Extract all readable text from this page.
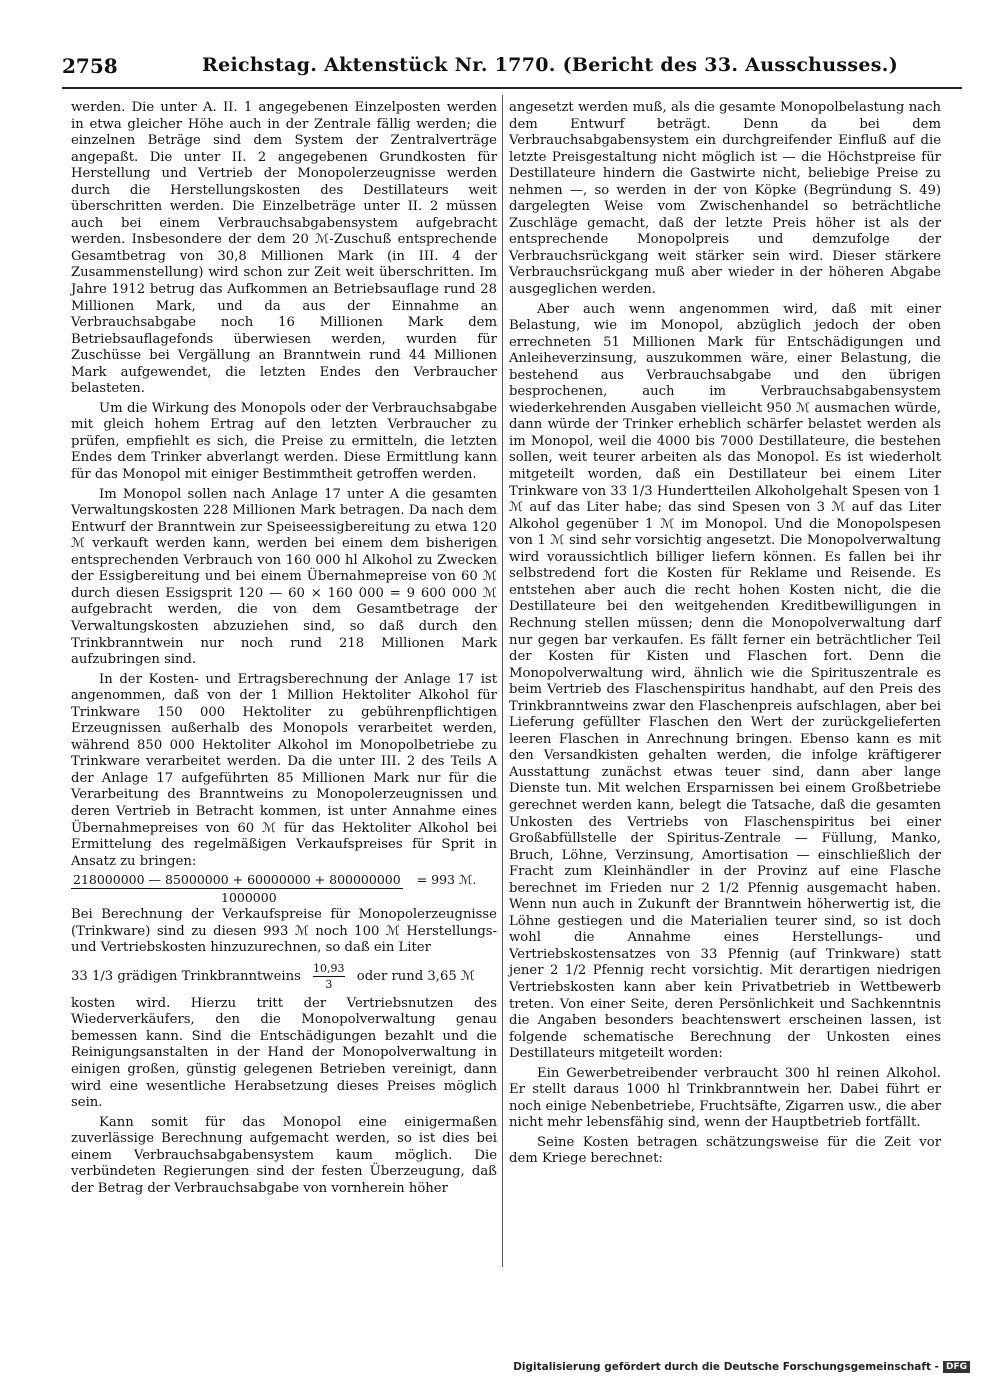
2758	Reichstag. Aktenstück Nr. 1770. (Bericht des 33. Ausschusses.)

werden. Die unter A. II. 1 angegebenen Einzelposten werden in etwa gleicher Höhe auch in der Zentrale fällig werden; die einzelnen Beträge sind dem System der Zentralverträge angepaßt. Die unter II. 2 angegebenen Grundkosten für Herstellung und Vertrieb der Monopolerzeugnisse werden durch die Herstellungskosten des Destillateurs weit überschritten werden. Die Einzelbeträge unter II. 2 müssen auch bei einem Verbrauchsabgabensystem aufgebracht werden. Insbesondere der dem 20 ℳ-Zuschuß entsprechende Gesamtbetrag von 30,8 Millionen Mark (in III. 4 der Zusammenstellung) wird schon zur Zeit weit überschritten. Im Jahre 1912 betrug das Aufkommen an Betriebsauflage rund 28 Millionen Mark, und da aus der Einnahme an Verbrauchsabgabe noch 16 Millionen Mark dem Betriebsauflagefonds überwiesen werden, wurden für Zuschüsse bei Vergällung an Branntwein rund 44 Millionen Mark aufgewendet, die letzten Endes den Verbraucher belasteten.

Um die Wirkung des Monopols oder der Verbrauchsabgabe mit gleich hohem Ertrag auf den letzten Verbraucher zu prüfen, empfiehlt es sich, die Preise zu ermitteln, die letzten Endes dem Trinker abverlangt werden. Diese Ermittlung kann für das Monopol mit einiger Bestimmtheit getroffen werden.

Im Monopol sollen nach Anlage 17 unter A die gesamten Verwaltungskosten 228 Millionen Mark betragen. Da nach dem Entwurf der Branntwein zur Speiseessigbereitung zu etwa 120 ℳ verkauft werden kann, werden bei einem dem bisherigen entsprechenden Verbrauch von 160 000 hl Alkohol zu Zwecken der Essigbereitung und bei einem Übernahmepreise von 60 ℳ durch diesen Essigsprit 120 — 60 × 160 000 = 9 600 000 ℳ aufgebracht werden, die von dem Gesamtbetrage der Verwaltungskosten abzuziehen sind, so daß durch den Trinkbranntwein nur noch rund 218 Millionen Mark aufzubringen sind.

In der Kosten- und Ertragsberechnung der Anlage 17 ist angenommen, daß von der 1 Million Hektoliter Alkohol für Trinkware 150 000 Hektoliter zu gebührenpflichtigen Erzeugnissen außerhalb des Monopols verarbeitet werden, während 850 000 Hektoliter Alkohol im Monopolbetriebe zu Trinkware verarbeitet werden. Da die unter III. 2 des Teils A der Anlage 17 aufgeführten 85 Millionen Mark nur für die Verarbeitung des Branntweins zu Monopolerzeugnissen und deren Vertrieb in Betracht kommen, ist unter Annahme eines Übernahmepreises von 60 ℳ für das Hektoliter Alkohol bei Ermittelung des regelmäßigen Verkaufspreises für Sprit in Ansatz zu bringen:

218000000 — 85000000 + 60000000 + 800000000 = 993 ℳ.
1000000

Bei Berechnung der Verkaufspreise für Monopolerzeugnisse (Trinkware) sind zu diesen 993 ℳ noch 100 ℳ Herstellungs- und Vertriebskosten hinzuzurechnen, so daß ein Liter

33 1/3 grädigen Trinkbranntweins $\frac{10,93}{3}$ oder rund 3,65 ℳ

kosten wird. Hierzu tritt der Vertriebsnutzen des Wiederverkäufers, den die Monopolverwaltung genau bemessen kann. Sind die Entschädigungen bezahlt und die Reinigungsanstalten in der Hand der Monopolverwaltung in einigen großen, günstig gelegenen Betrieben vereinigt, dann wird eine wesentliche Herabsetzung dieses Preises möglich sein.

Kann somit für das Monopol eine einigermaßen zuverlässige Berechnung aufgemacht werden, so ist dies bei einem Verbrauchsabgabensystem kaum möglich. Die verbündeten Regierungen sind der festen Überzeugung, daß der Betrag der Verbrauchsabgabe von vornherein höher

angesetzt werden muß, als die gesamte Monopolbelastung nach dem Entwurf beträgt. Denn da bei dem Verbrauchsabgabensystem ein durchgreifender Einfluß auf die letzte Preisgestaltung nicht möglich ist — die Höchstpreise für Destillateure hindern die Gastwirte nicht, beliebige Preise zu nehmen —, so werden in der von Köpke (Begründung S. 49) dargelegten Weise vom Zwischenhandel so beträchtliche Zuschläge gemacht, daß der letzte Preis höher ist als der entsprechende Monopolpreis und demzufolge der Verbrauchsrückgang weit stärker sein wird. Dieser stärkere Verbrauchsrückgang muß aber wieder in der höheren Abgabe ausgeglichen werden.

Aber auch wenn angenommen wird, daß mit einer Belastung, wie im Monopol, abzüglich jedoch der oben errechneten 51 Millionen Mark für Entschädigungen und Anleiheverzinsung, auszukommen wäre, einer Belastung, die bestehend aus Verbrauchsabgabe und den übrigen besprochenen, auch im Verbrauchsabgabensystem wiederkehrenden Ausgaben vielleicht 950 ℳ ausmachen würde, dann würde der Trinker erheblich schärfer belastet werden als im Monopol, weil die 4000 bis 7000 Destillateure, die bestehen sollen, weit teurer arbeiten als das Monopol. Es ist wiederholt mitgeteilt worden, daß ein Destillateur bei einem Liter Trinkware von 33 1/3 Hundertteilen Alkoholgehalt Spesen von 1 ℳ auf das Liter habe; das sind Spesen von 3 ℳ auf das Liter Alkohol gegenüber 1 ℳ im Monopol. Und die Monopolspesen von 1 ℳ sind sehr vorsichtig angesetzt. Die Monopolverwaltung wird voraussichtlich billiger liefern können. Es fallen bei ihr selbstredend fort die Kosten für Reklame und Reisende. Es entstehen aber auch die recht hohen Kosten nicht, die die Destillateure bei den weitgehenden Kreditbewilligungen in Rechnung stellen müssen; denn die Monopolverwaltung darf nur gegen bar verkaufen. Es fällt ferner ein beträchtlicher Teil der Kosten für Kisten und Flaschen fort. Denn die Monopolverwaltung wird, ähnlich wie die Spirituszentrale es beim Vertrieb des Flaschenspiritus handhabt, auf den Preis des Trinkbranntweins zwar den Flaschenpreis aufschlagen, aber bei Lieferung gefüllter Flaschen den Wert der zurückgelieferten leeren Flaschen in Anrechnung bringen. Ebenso kann es mit den Versandkisten gehalten werden, die infolge kräftigerer Ausstattung zunächst etwas teuer sind, dann aber lange Dienste tun. Mit welchen Ersparnissen bei einem Großbetriebe gerechnet werden kann, belegt die Tatsache, daß die gesamten Unkosten des Vertriebs von Flaschenspiritus bei einer Großabfüllstelle der Spiritus-Zentrale — Füllung, Manko, Bruch, Löhne, Verzinsung, Amortisation — einschließlich der Fracht zum Kleinhändler in der Provinz auf eine Flasche berechnet im Frieden nur 2 1/2 Pfennig ausgemacht haben. Wenn nun auch in Zukunft der Branntwein höherwertig ist, die Löhne gestiegen und die Materialien teurer sind, so ist doch wohl die Annahme eines Herstellungs- und Vertriebskostensatzes von 33 Pfennig (auf Trinkware) statt jener 2 1/2 Pfennig recht vorsichtig. Mit derartigen niedrigen Vertriebskosten kann aber kein Privatbetrieb in Wettbewerb treten. Von einer Seite, deren Persönlichkeit und Sachkenntnis die Angaben besonders beachtenswert erscheinen lassen, ist folgende schematische Berechnung der Unkosten eines Destillateurs mitgeteilt worden:

Ein Gewerbetreibender verbraucht 300 hl reinen Alkohol. Er stellt daraus 1000 hl Trinkbranntwein her. Dabei führt er noch einige Nebenbetriebe, Fruchtsäfte, Zigarren usw., die aber nicht mehr lebensfähig sind, wenn der Hauptbetrieb fortfällt.

Seine Kosten betragen schätzungsweise für die Zeit vor dem Kriege berechnet:

Digitalisierung gefördert durch die Deutsche Forschungsgemeinschaft - DFG
